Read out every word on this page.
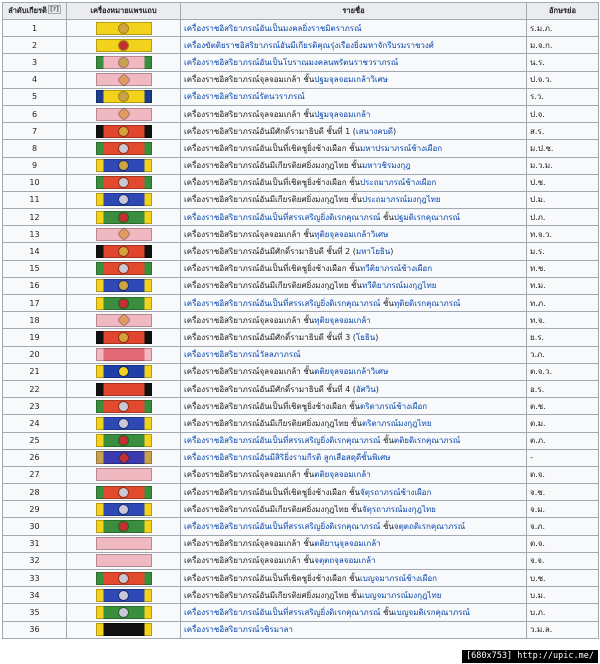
ลำดับเกียรติ [?]	เครื่องหมายแพรแถบ	รายชื่อ	อักษรย่อ
1		เครื่องราชอิสริยาภรณ์อันเป็นมงคลยิ่งราชมิตราภรณ์	ร.ม.ภ.
2		เครื่องขัตติยราชอิสริยาภรณ์อันมีเกียรติคุณรุ่งเรืองยิ่งมหาจักรีบรมราชวงศ์	ม.จ.ก.
3		เครื่องราชอิสริยาภรณ์อันเป็นโบราณมงคลนพรัตนราชวราภรณ์	น.ร.
4		เครื่องราชอิสริยาภรณ์จุลจอมเกล้า ชั้นปฐมจุลจอมเกล้าวิเศษ	ป.จ.ว.
5		เครื่องราชอิสริยาภรณ์รัตนวราภรณ์	ร.ว.
6		เครื่องราชอิสริยาภรณ์จุลจอมเกล้า ชั้นปฐมจุลจอมเกล้า	ป.จ.
7		เครื่องราชอิสริยาภรณ์อันมีศักดิ์รามาธิบดี ชั้นที่ 1 (เสนางคบดี)	ส.ร.
8		เครื่องราชอิสริยาภรณ์อันเป็นที่เชิดชูยิ่งช้างเผือก ชั้นมหาปรมาภรณ์ช้างเผือก	ม.ป.ช.
9		เครื่องราชอิสริยาภรณ์อันมีเกียรติยศยิ่งมงกุฎไทย ชั้นมหาวชิรมงกุฎ	ม.ว.ม.
10		เครื่องราชอิสริยาภรณ์อันเป็นที่เชิดชูยิ่งช้างเผือก ชั้นประถมาภรณ์ช้างเผือก	ป.ช.
11		เครื่องราชอิสริยาภรณ์อันมีเกียรติยศยิ่งมงกุฎไทย ชั้นประถมาภรณ์มงกุฎไทย	ป.ม.
12		เครื่องราชอิสริยาภรณ์อันเป็นที่สรรเสริญยิ่งดิเรกคุณาภรณ์ ชั้นปฐมดิเรกคุณาภรณ์	ป.ภ.
13		เครื่องราชอิสริยาภรณ์จุลจอมเกล้า ชั้นทุติยจุลจอมเกล้าวิเศษ	ท.จ.ว.
14		เครื่องราชอิสริยาภรณ์อันมีศักดิ์รามาธิบดี ชั้นที่ 2 (มหาโยธิน)	ม.ร.
15		เครื่องราชอิสริยาภรณ์อันเป็นที่เชิดชูยิ่งช้างเผือก ชั้นทวีติยาภรณ์ช้างเผือก	ท.ช.
16		เครื่องราชอิสริยาภรณ์อันมีเกียรติยศยิ่งมงกุฎไทย ชั้นทวีติยาภรณ์มงกุฎไทย	ท.ม.
17		เครื่องราชอิสริยาภรณ์อันเป็นที่สรรเสริญยิ่งดิเรกคุณาภรณ์ ชั้นทุติยดิเรกคุณาภรณ์	ท.ภ.
18		เครื่องราชอิสริยาภรณ์จุลจอมเกล้า ชั้นทุติยจุลจอมเกล้า	ท.จ.
19		เครื่องราชอิสริยาภรณ์อันมีศักดิ์รามาธิบดี ชั้นที่ 3 (โยธิน)	ย.ร.
20		เครื่องราชอิสริยาภรณ์วัลลภาภรณ์	ว.ภ.
21		เครื่องราชอิสริยาภรณ์จุลจอมเกล้า ชั้นตติยจุลจอมเกล้าวิเศษ	ต.จ.ว.
22		เครื่องราชอิสริยาภรณ์อันมีศักดิ์รามาธิบดี ชั้นที่ 4 (อัศวิน)	อ.ร.
23		เครื่องราชอิสริยาภรณ์อันเป็นที่เชิดชูยิ่งช้างเผือก ชั้นตริตาภรณ์ช้างเผือก	ต.ช.
24		เครื่องราชอิสริยาภรณ์อันมีเกียรติยศยิ่งมงกุฎไทย ชั้นตริตาภรณ์มงกุฎไทย	ต.ม.
25		เครื่องราชอิสริยาภรณ์อันเป็นที่สรรเสริญยิ่งดิเรกคุณาภรณ์ ชั้นตติยดิเรกคุณาภรณ์	ต.ภ.
26		เครื่องราชอิสริยาภรณ์อันมีสิริยิ่งรามกีรติ ลูกเสือสดุดีชั้นพิเศษ	-
27		เครื่องราชอิสริยาภรณ์จุลจอมเกล้า ชั้นตติยจุลจอมเกล้า	ต.จ.
28		เครื่องราชอิสริยาภรณ์อันเป็นที่เชิดชูยิ่งช้างเผือก ชั้นจัตุรถาภรณ์ช้างเผือก	จ.ช.
29		เครื่องราชอิสริยาภรณ์อันมีเกียรติยศยิ่งมงกุฎไทย ชั้นจัตุรถาภรณ์มงกุฎไทย	จ.ม.
30		เครื่องราชอิสริยาภรณ์อันเป็นที่สรรเสริญยิ่งดิเรกคุณาภรณ์ ชั้นจตุตถดิเรกคุณาภรณ์	จ.ภ.
31		เครื่องราชอิสริยาภรณ์จุลจอมเกล้า ชั้นตติยานุจุลจอมเกล้า	ต.จ.
32		เครื่องราชอิสริยาภรณ์จุลจอมเกล้า ชั้นจตุตถจุลจอมเกล้า	จ.จ.
33		เครื่องราชอิสริยาภรณ์อันเป็นที่เชิดชูยิ่งช้างเผือก ชั้นเบญจมาภรณ์ช้างเผือก	บ.ช.
34		เครื่องราชอิสริยาภรณ์อันมีเกียรติยศยิ่งมงกุฎไทย ชั้นเบญจมาภรณ์มงกุฎไทย	บ.ม.
35		เครื่องราชอิสริยาภรณ์อันเป็นที่สรรเสริญยิ่งดิเรกคุณาภรณ์ ชั้นเบญจมดิเรกคุณาภรณ์	บ.ภ.
36		เครื่องราชอิสริยาภรณ์วชิรมาลา	ว.ม.ล.
[680x753] http://upic.me/
